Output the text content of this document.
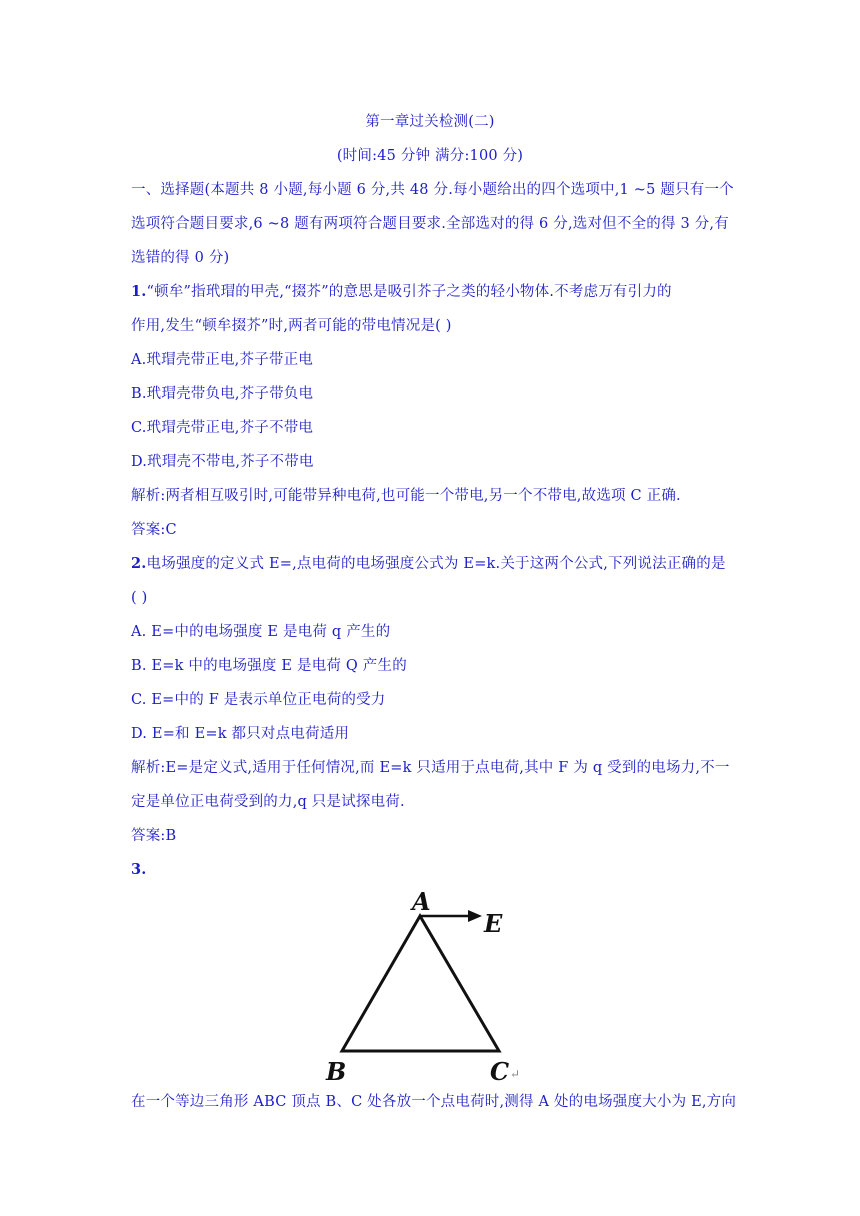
第一章过关检测(二)
(时间:45 分钟 满分:100 分)
一、选择题(本题共 8 小题,每小题 6 分,共 48 分.每小题给出的四个选项中,1 ~5 题只有一个
选项符合题目要求,6 ~8 题有两项符合题目要求.全部选对的得 6 分,选对但不全的得 3 分,有
选错的得 0 分)
1.“顿牟”指玳瑁的甲壳,“掇芥”的意思是吸引芥子之类的轻小物体.不考虑万有引力的
作用,发生“顿牟掇芥”时,两者可能的带电情况是( )
A.玳瑁壳带正电,芥子带正电
B.玳瑁壳带负电,芥子带负电
C.玳瑁壳带正电,芥子不带电
D.玳瑁壳不带电,芥子不带电
解析:两者相互吸引时,可能带异种电荷,也可能一个带电,另一个不带电,故选项 C 正确.
答案:C
2.电场强度的定义式 E=,点电荷的电场强度公式为 E=k.关于这两个公式,下列说法正确的是
( )
A. E=中的电场强度 E 是电荷 q 产生的
B. E=k 中的电场强度 E 是电荷 Q 产生的
C. E=中的 F 是表示单位正电荷的受力
D. E=和 E=k 都只对点电荷适用
解析:E=是定义式,适用于任何情况,而 E=k 只适用于点电荷,其中 F 为 q 受到的电场力,不一
定是单位正电荷受到的力,q 只是试探电荷.
答案:B
3.
A
E
B	C ↵
在一个等边三角形 ABC 顶点 B、C 处各放一个点电荷时,测得 A 处的电场强度大小为 E,方向
